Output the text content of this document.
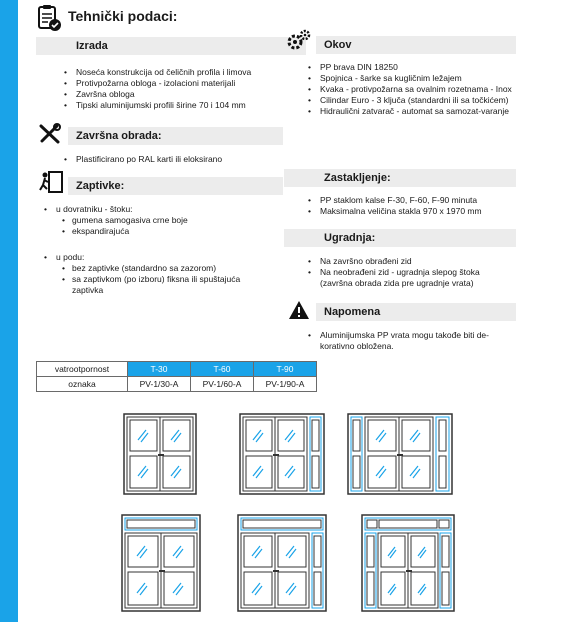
Tehnički podaci:
Izrada
• Noseća konstrukcija od čeličnih profila i limova
• Protivpožarna obloga - izolacioni materijali
• Završna obloga
• Tipski aluminijumski profili širine 70 i 104 mm
Završna obrada:
• Plastificirano po RAL karti ili eloksirano
Zaptivke:
• u dovratniku - štoku:
• gumena samogasiva crne boje
• ekspandirajuća
• u podu:
• bez zaptivke (standardno sa zazorom)
• sa zaptivkom (po izboru) fiksna ili spuštajuća zaptivka
Okov
• PP brava DIN 18250
• Spojnica - šarke sa kugličnim ležajem
• Kvaka - protivpožarna sa ovalnim rozetnama - Inox
• Cilindar Euro - 3 ključa (standardni ili sa točkićem)
• Hidraulični zatvarač - automat sa samozat-varanje
Zastakljenje:
• PP staklom kalse F-30, F-60, F-90 minuta
• Maksimalna veličina stakla 970 x 1970 mm
Ugradnja:
• Na završno obrađeni zid
• Na neobrađeni zid - ugradnja slepog štoka (završna obrada zida pre ugradnje vrata)
Napomena
• Aluminijumska PP vrata mogu takođe biti de-korativno obložena.
vatrootpornost	T-30	T-60	T-90
oznaka	PV-1/30-A	PV-1/60-A	PV-1/90-A
